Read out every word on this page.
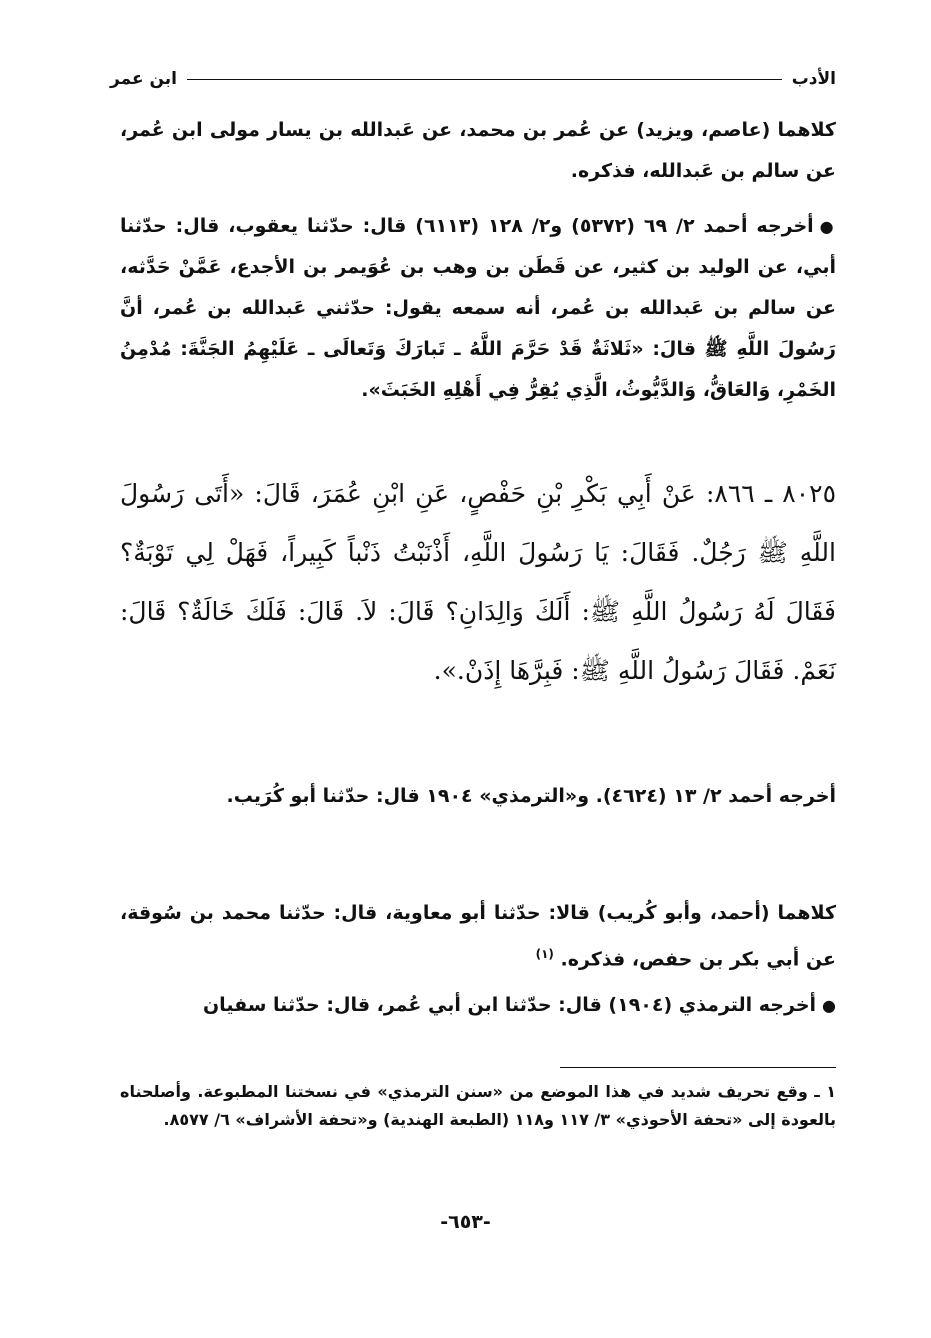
الأدب
ابن عمر
كلاهما (عاصم، ويزيد) عن عُمر بن محمد، عن عَبدالله بن يسار مولى ابن عُمر، عن سالم بن عَبدالله، فذكره.
●أخرجه أحمد ٢/ ٦٩ (٥٣٧٢) و٢/ ١٢٨ (٦١١٣) قال: حدّثنا يعقوب، قال: حدّثنا أبي، عن الوليد بن كثير، عن قَطَن بن وهب بن عُوَيمر بن الأجدع، عَمَّنْ حَدَّثه، عن سالم بن عَبدالله بن عُمر، أنه سمعه يقول: حدّثني عَبدالله بن عُمر، أنَّ رَسُولَ اللَّهِ ﷺ قالَ: «ثَلاثَةٌ قَدْ حَرَّمَ اللَّهُ ـ تَبارَكَ وَتَعالَى ـ عَلَيْهِمُ الجَنَّةَ: مُدْمِنُ الخَمْرِ، وَالعَاقُّ، وَالدَّيُّوثُ، الَّذِي يُقِرُّ فِي أَهْلِهِ الخَبَثَ».
٨٠٢٥ ـ ٨٦٦: عَنْ أَبِي بَكْرِ بْنِ حَفْصٍ، عَنِ ابْنِ عُمَرَ، قَالَ: «أَتَى رَسُولَ اللَّهِ ﷺ رَجُلٌ. فَقَالَ: يَا رَسُولَ اللَّهِ، أَذْنَبْتُ ذَنْباً كَبِيراً، فَهَلْ لِي تَوْبَةٌ؟ فَقَالَ لَهُ رَسُولُ اللَّهِ ﷺ: أَلَكَ وَالِدَانِ؟ قَالَ: لاَ. قَالَ: فَلَكَ خَالَةٌ؟ قَالَ: نَعَمْ. فَقَالَ رَسُولُ اللَّهِ ﷺ: فَبِرَّهَا إِذَنْ.».
أخرجه أحمد ٢/ ١٣ (٤٦٢٤). و«الترمذي» ١٩٠٤ قال: حدّثنا أبو كُرَيب.
كلاهما (أحمد، وأبو كُريب) قالا: حدّثنا أبو معاوية، قال: حدّثنا محمد بن سُوقة، عن أبي بكر بن حفص، فذكره. $^{(١)}$
●أخرجه الترمذي (١٩٠٤) قال: حدّثنا ابن أبي عُمر، قال: حدّثنا سفيان
١ ـ وقع تحريف شديد في هذا الموضع من «سنن الترمذي» في نسختنا المطبوعة. وأصلحناه بالعودة إلى «تحفة الأحوذي» ٣/ ١١٧ و١١٨ (الطبعة الهندية) و«تحفة الأشراف» ٦/ ٨٥٧٧.
-٦٥٣-
